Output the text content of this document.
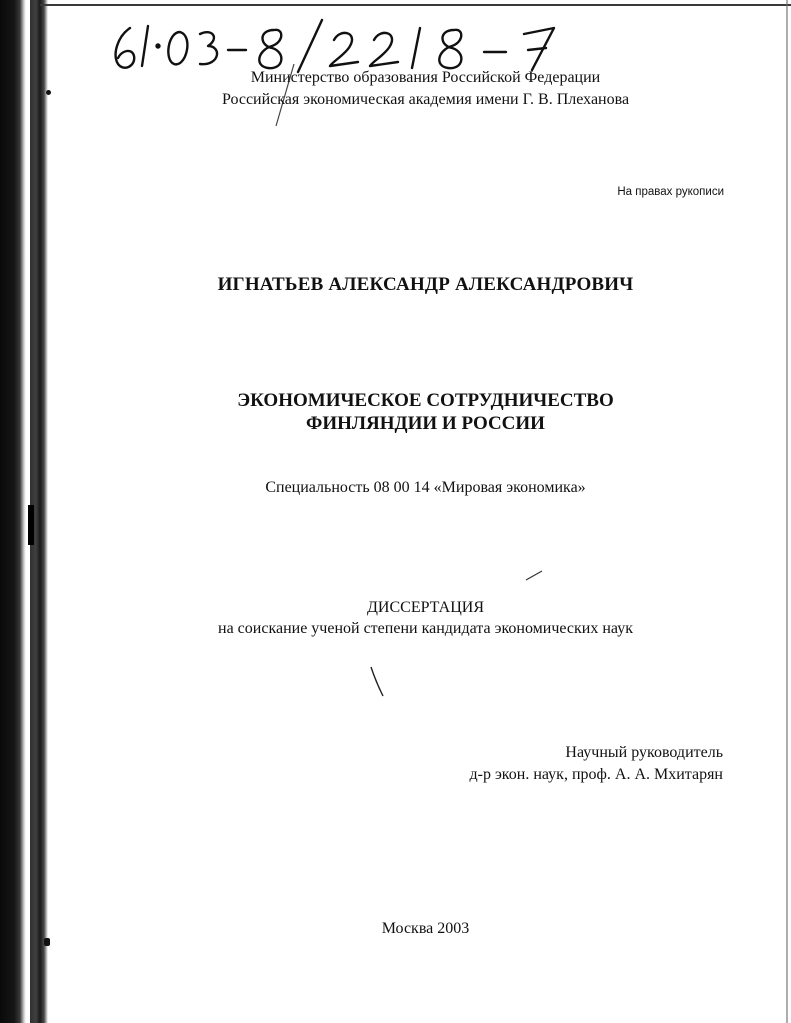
Министерство образования Российской Федерации
Российская экономическая академия имени Г. В. Плеханова
На правах рукописи
ИГНАТЬЕВ АЛЕКСАНДР АЛЕКСАНДРОВИЧ
ЭКОНОМИЧЕСКОЕ СОТРУДНИЧЕСТВО
ФИНЛЯНДИИ И РОССИИ
Специальность 08 00 14 «Мировая экономика»
ДИССЕРТАЦИЯ
на соискание ученой степени кандидата экономических наук
Научный руководитель
д-р экон. наук, проф. А. А. Мхитарян
Москва 2003
